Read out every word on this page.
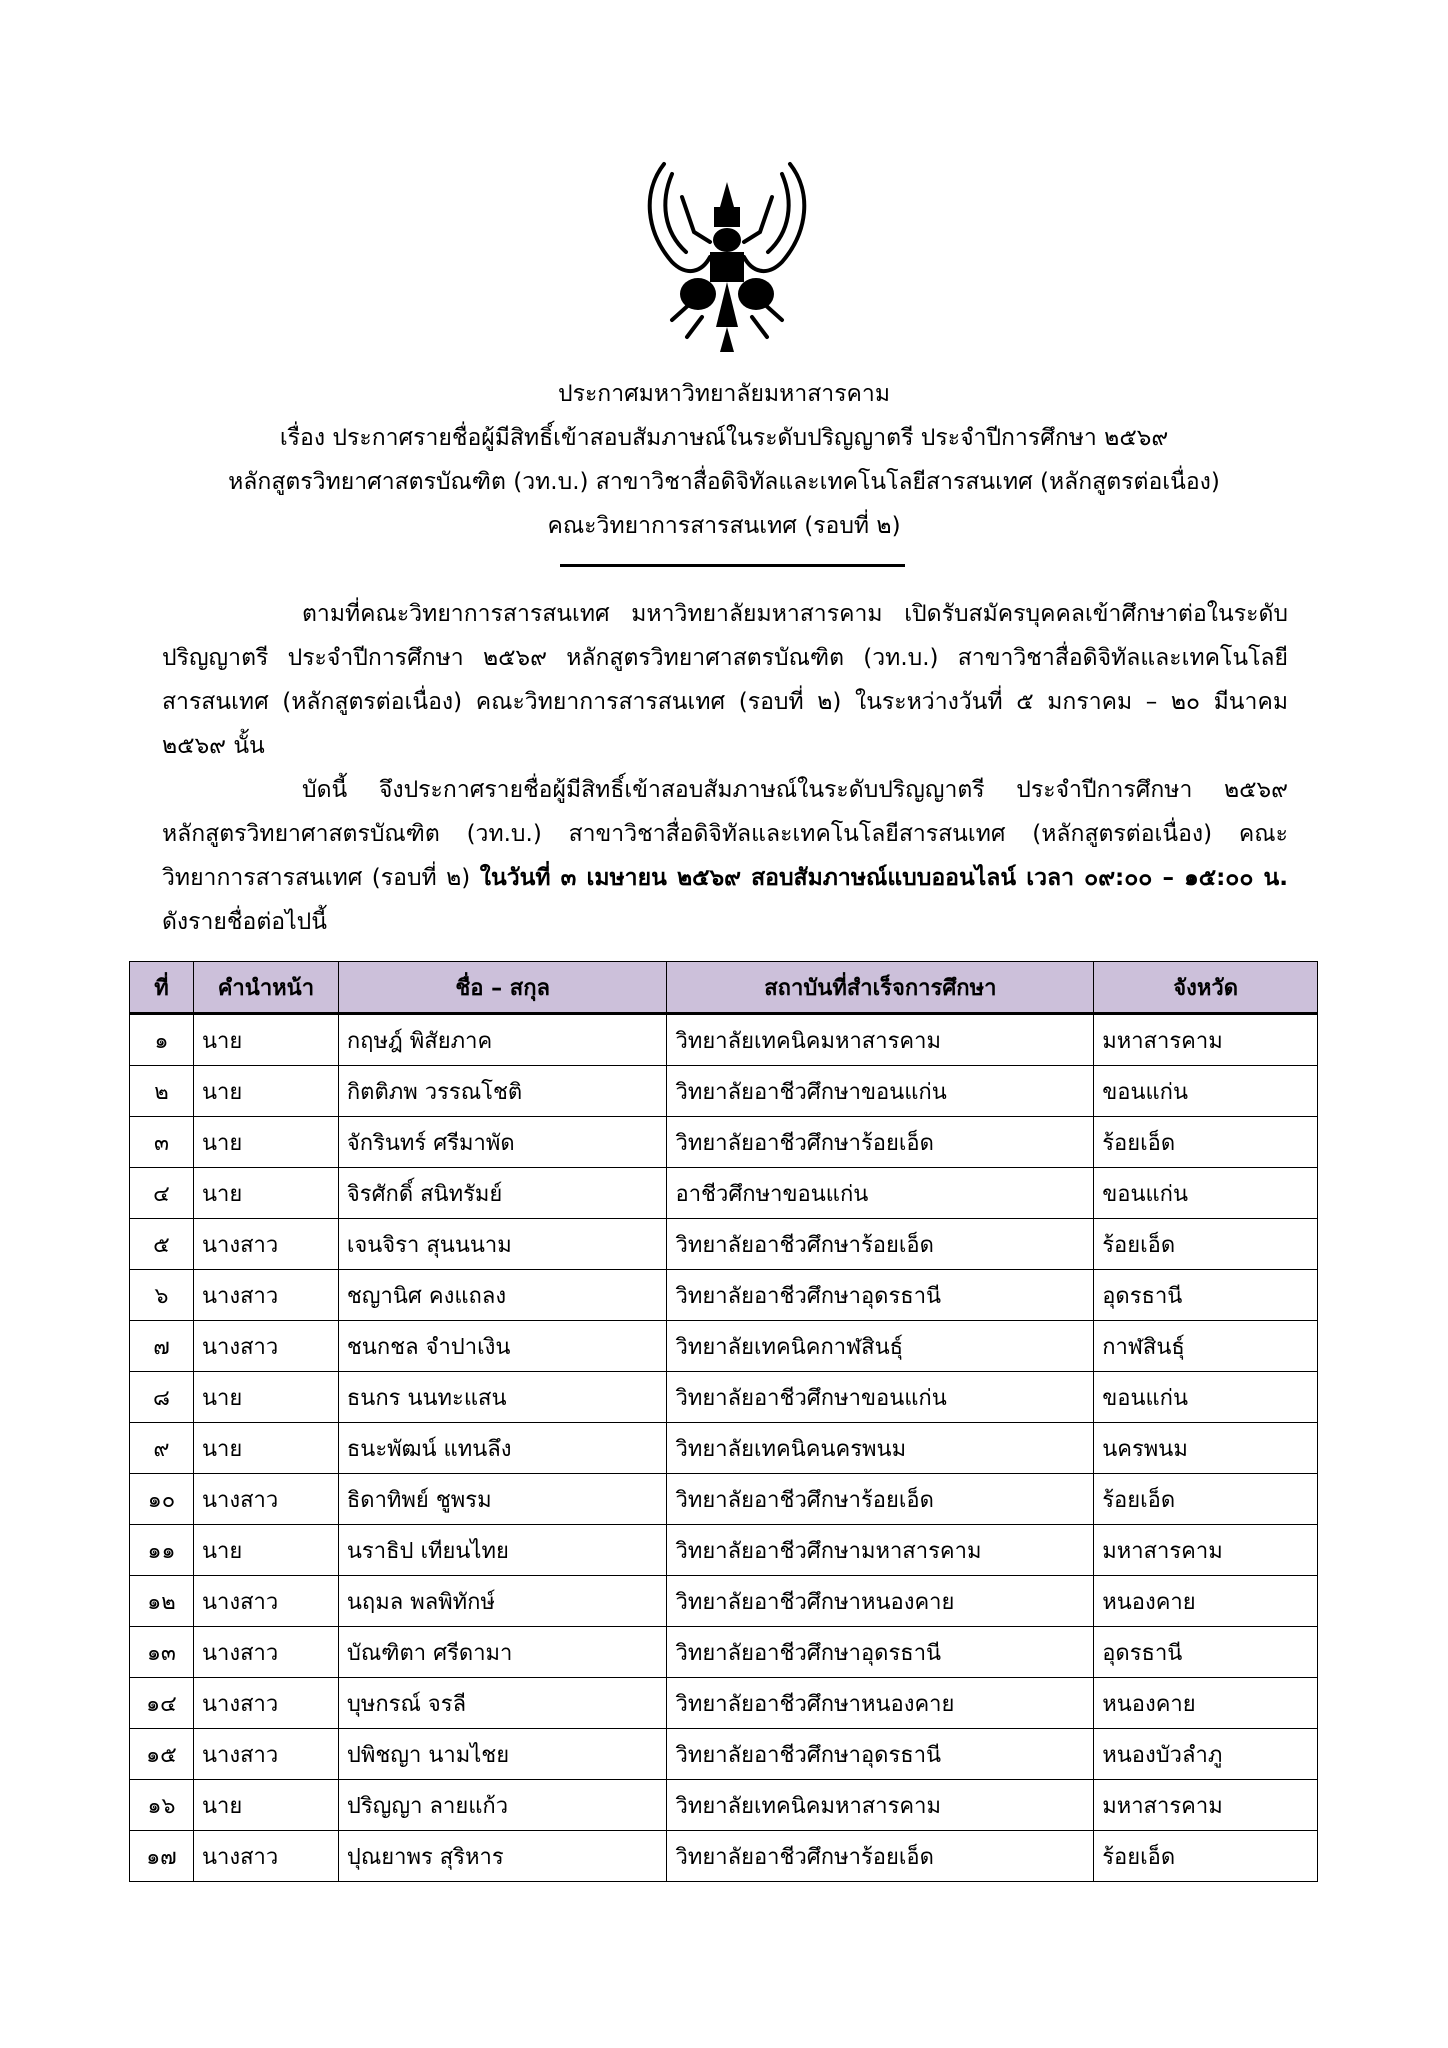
ประกาศมหาวิทยาลัยมหาสารคาม
เรื่อง ประกาศรายชื่อผู้มีสิทธิ์เข้าสอบสัมภาษณ์ในระดับปริญญาตรี ประจำปีการศึกษา ๒๕๖๙
หลักสูตรวิทยาศาสตรบัณฑิต (วท.บ.) สาขาวิชาสื่อดิจิทัลและเทคโนโลยีสารสนเทศ (หลักสูตรต่อเนื่อง)
คณะวิทยาการสารสนเทศ (รอบที่ ๒)
ตามที่คณะวิทยาการสารสนเทศ มหาวิทยาลัยมหาสารคาม เปิดรับสมัครบุคคลเข้าศึกษาต่อในระดับปริญญาตรี ประจำปีการศึกษา ๒๕๖๙ หลักสูตรวิทยาศาสตรบัณฑิต (วท.บ.) สาขาวิชาสื่อดิจิทัลและเทคโนโลยีสารสนเทศ (หลักสูตรต่อเนื่อง) คณะวิทยาการสารสนเทศ (รอบที่ ๒) ในระหว่างวันที่ ๕ มกราคม – ๒๐ มีนาคม ๒๕๖๙ นั้น
บัดนี้ จึงประกาศรายชื่อผู้มีสิทธิ์เข้าสอบสัมภาษณ์ในระดับปริญญาตรี ประจำปีการศึกษา ๒๕๖๙ หลักสูตรวิทยาศาสตรบัณฑิต (วท.บ.) สาขาวิชาสื่อดิจิทัลและเทคโนโลยีสารสนเทศ (หลักสูตรต่อเนื่อง) คณะวิทยาการสารสนเทศ (รอบที่ ๒) ในวันที่ ๓ เมษายน ๒๕๖๙ สอบสัมภาษณ์แบบออนไลน์ เวลา ๐๙:๐๐ – ๑๕:๐๐ น. ดังรายชื่อต่อไปนี้
ที่	คำนำหน้า	ชื่อ – สกุล	สถาบันที่สำเร็จการศึกษา	จังหวัด
๑	นาย	กฤษฎ์ พิสัยภาค	วิทยาลัยเทคนิคมหาสารคาม	มหาสารคาม
๒	นาย	กิตติภพ วรรณโชติ	วิทยาลัยอาชีวศึกษาขอนแก่น	ขอนแก่น
๓	นาย	จักรินทร์ ศรีมาพัด	วิทยาลัยอาชีวศึกษาร้อยเอ็ด	ร้อยเอ็ด
๔	นาย	จิรศักดิ์ สนิทรัมย์	อาชีวศึกษาขอนแก่น	ขอนแก่น
๕	นางสาว	เจนจิรา สุนนนาม	วิทยาลัยอาชีวศึกษาร้อยเอ็ด	ร้อยเอ็ด
๖	นางสาว	ชญานิศ คงแถลง	วิทยาลัยอาชีวศึกษาอุดรธานี	อุดรธานี
๗	นางสาว	ชนกชล จำปาเงิน	วิทยาลัยเทคนิคกาฬสินธุ์	กาฬสินธุ์
๘	นาย	ธนกร นนทะแสน	วิทยาลัยอาชีวศึกษาขอนแก่น	ขอนแก่น
๙	นาย	ธนะพัฒน์ แทนลึง	วิทยาลัยเทคนิคนครพนม	นครพนม
๑๐	นางสาว	ธิดาทิพย์ ชูพรม	วิทยาลัยอาชีวศึกษาร้อยเอ็ด	ร้อยเอ็ด
๑๑	นาย	นราธิป เทียนไทย	วิทยาลัยอาชีวศึกษามหาสารคาม	มหาสารคาม
๑๒	นางสาว	นฤมล พลพิทักษ์	วิทยาลัยอาชีวศึกษาหนองคาย	หนองคาย
๑๓	นางสาว	บัณฑิตา ศรีดามา	วิทยาลัยอาชีวศึกษาอุดรธานี	อุดรธานี
๑๔	นางสาว	บุษกรณ์ จรลี	วิทยาลัยอาชีวศึกษาหนองคาย	หนองคาย
๑๕	นางสาว	ปพิชญา นามไชย	วิทยาลัยอาชีวศึกษาอุดรธานี	หนองบัวลำภู
๑๖	นาย	ปริญญา ลายแก้ว	วิทยาลัยเทคนิคมหาสารคาม	มหาสารคาม
๑๗	นางสาว	ปุณยาพร สุริหาร	วิทยาลัยอาชีวศึกษาร้อยเอ็ด	ร้อยเอ็ด
